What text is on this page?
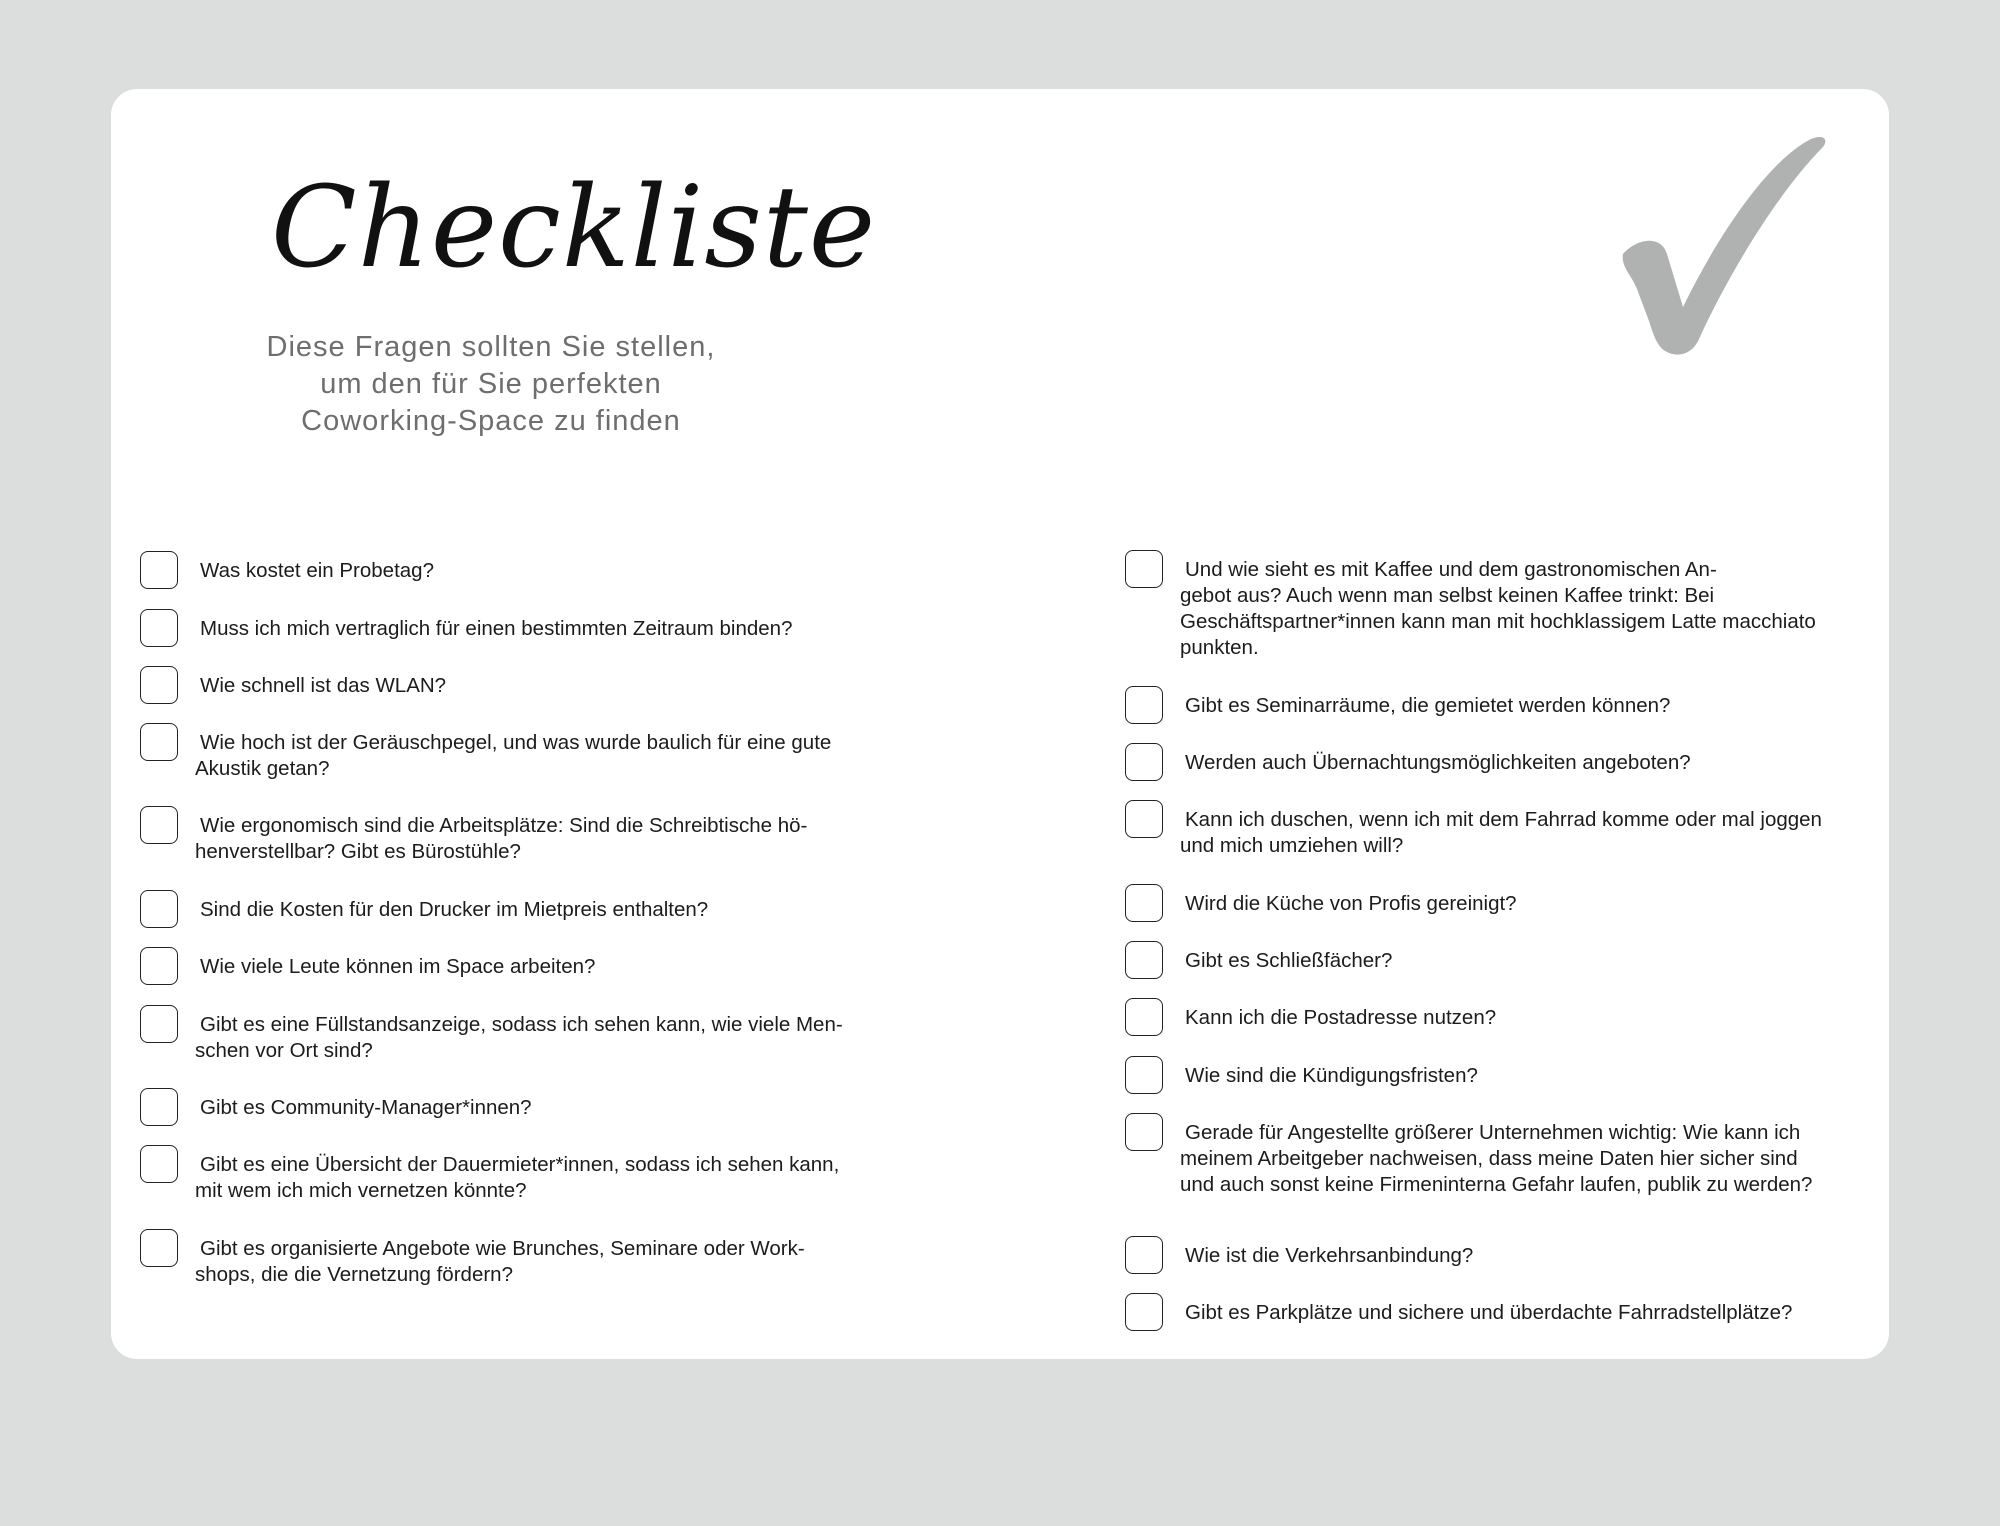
Checkliste
Diese Fragen sollten Sie stellen,
um den für Sie perfekten
Coworking-Space zu finden
Was kostet ein Probetag?
Muss ich mich vertraglich für einen bestimmten Zeitraum binden?
Wie schnell ist das WLAN?
Wie hoch ist der Geräuschpegel, und was wurde baulich für eine gute
Akustik getan?
Wie ergonomisch sind die Arbeitsplätze: Sind die Schreibtische hö-
henverstellbar? Gibt es Bürostühle?
Sind die Kosten für den Drucker im Mietpreis enthalten?
Wie viele Leute können im Space arbeiten?
Gibt es eine Füllstandsanzeige, sodass ich sehen kann, wie viele Men-
schen vor Ort sind?
Gibt es Community-Manager*innen?
Gibt es eine Übersicht der Dauermieter*innen, sodass ich sehen kann,
mit wem ich mich vernetzen könnte?
Gibt es organisierte Angebote wie Brunches, Seminare oder Work-
shops, die die Vernetzung fördern?
Und wie sieht es mit Kaffee und dem gastronomischen An-
gebot aus? Auch wenn man selbst keinen Kaffee trinkt: Bei
Geschäftspartner*innen kann man mit hochklassigem Latte macchiato
punkten.
Gibt es Seminarräume, die gemietet werden können?
Werden auch Übernachtungsmöglichkeiten angeboten?
Kann ich duschen, wenn ich mit dem Fahrrad komme oder mal joggen
und mich umziehen will?
Wird die Küche von Profis gereinigt?
Gibt es Schließfächer?
Kann ich die Postadresse nutzen?
Wie sind die Kündigungsfristen?
Gerade für Angestellte größerer Unternehmen wichtig: Wie kann ich
meinem Arbeitgeber nachweisen, dass meine Daten hier sicher sind
und auch sonst keine Firmeninterna Gefahr laufen, publik zu werden?
Wie ist die Verkehrsanbindung?
Gibt es Parkplätze und sichere und überdachte Fahrradstellplätze?
